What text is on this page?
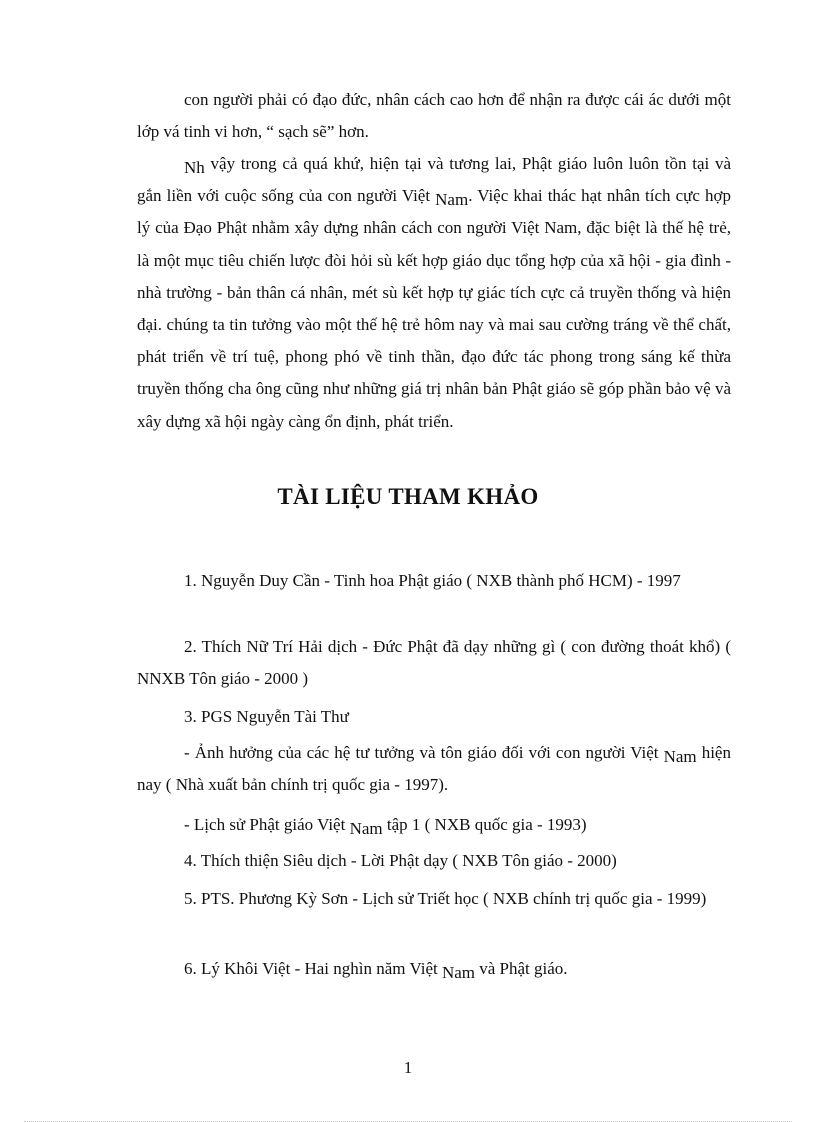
con người phải có đạo đức, nhân cách cao hơn để nhận ra được cái ác dưới một lớp vá tinh vi hơn, “ sạch sẽ” hơn.

Nh vậy trong cả quá khứ, hiện tại và tương lai, Phật giáo luôn luôn tồn tại và gắn liền với cuộc sống của con người Việt Nam. Việc khai thác hạt nhân tích cực hợp lý của Đạo Phật nhằm xây dựng nhân cách con người Việt Nam, đặc biệt là thế hệ trẻ, là một mục tiêu chiến lược đòi hỏi sù kết hợp giáo dục tổng hợp của xã hội - gia đình - nhà trường - bản thân cá nhân, mét sù kết hợp tự giác tích cực cả truyền thống và hiện đại. chúng ta tin tưởng vào một thế hệ trẻ hôm nay và mai sau cường tráng về thể chất, phát triển về trí tuệ, phong phó về tinh thần, đạo đức tác phong trong sáng kế thừa truyền thống cha ông cũng như những giá trị nhân bản Phật giáo sẽ góp phần bảo vệ và xây dựng xã hội ngày càng ổn định, phát triển.

TÀI LIỆU THAM KHẢO

1. Nguyễn Duy Cần - Tinh hoa Phật giáo ( NXB thành phố HCM) - 1997

2. Thích Nữ Trí Hải dịch - Đức Phật đã dạy những gì ( con đường thoát khổ) ( NNXB Tôn giáo - 2000 )

3. PGS Nguyễn Tài Thư

- Ảnh hưởng của các hệ tư tưởng và tôn giáo đối với con người Việt Nam hiện nay ( Nhà xuất bản chính trị quốc gia - 1997).

- Lịch sử Phật giáo Việt Nam tập 1 ( NXB quốc gia - 1993)

4. Thích thiện Siêu dịch - Lời Phật dạy ( NXB Tôn giáo - 2000)

5. PTS. Phương Kỳ Sơn - Lịch sử Triết học ( NXB chính trị quốc gia - 1999)

6. Lý Khôi Việt - Hai nghìn năm Việt Nam và Phật giáo.

1
